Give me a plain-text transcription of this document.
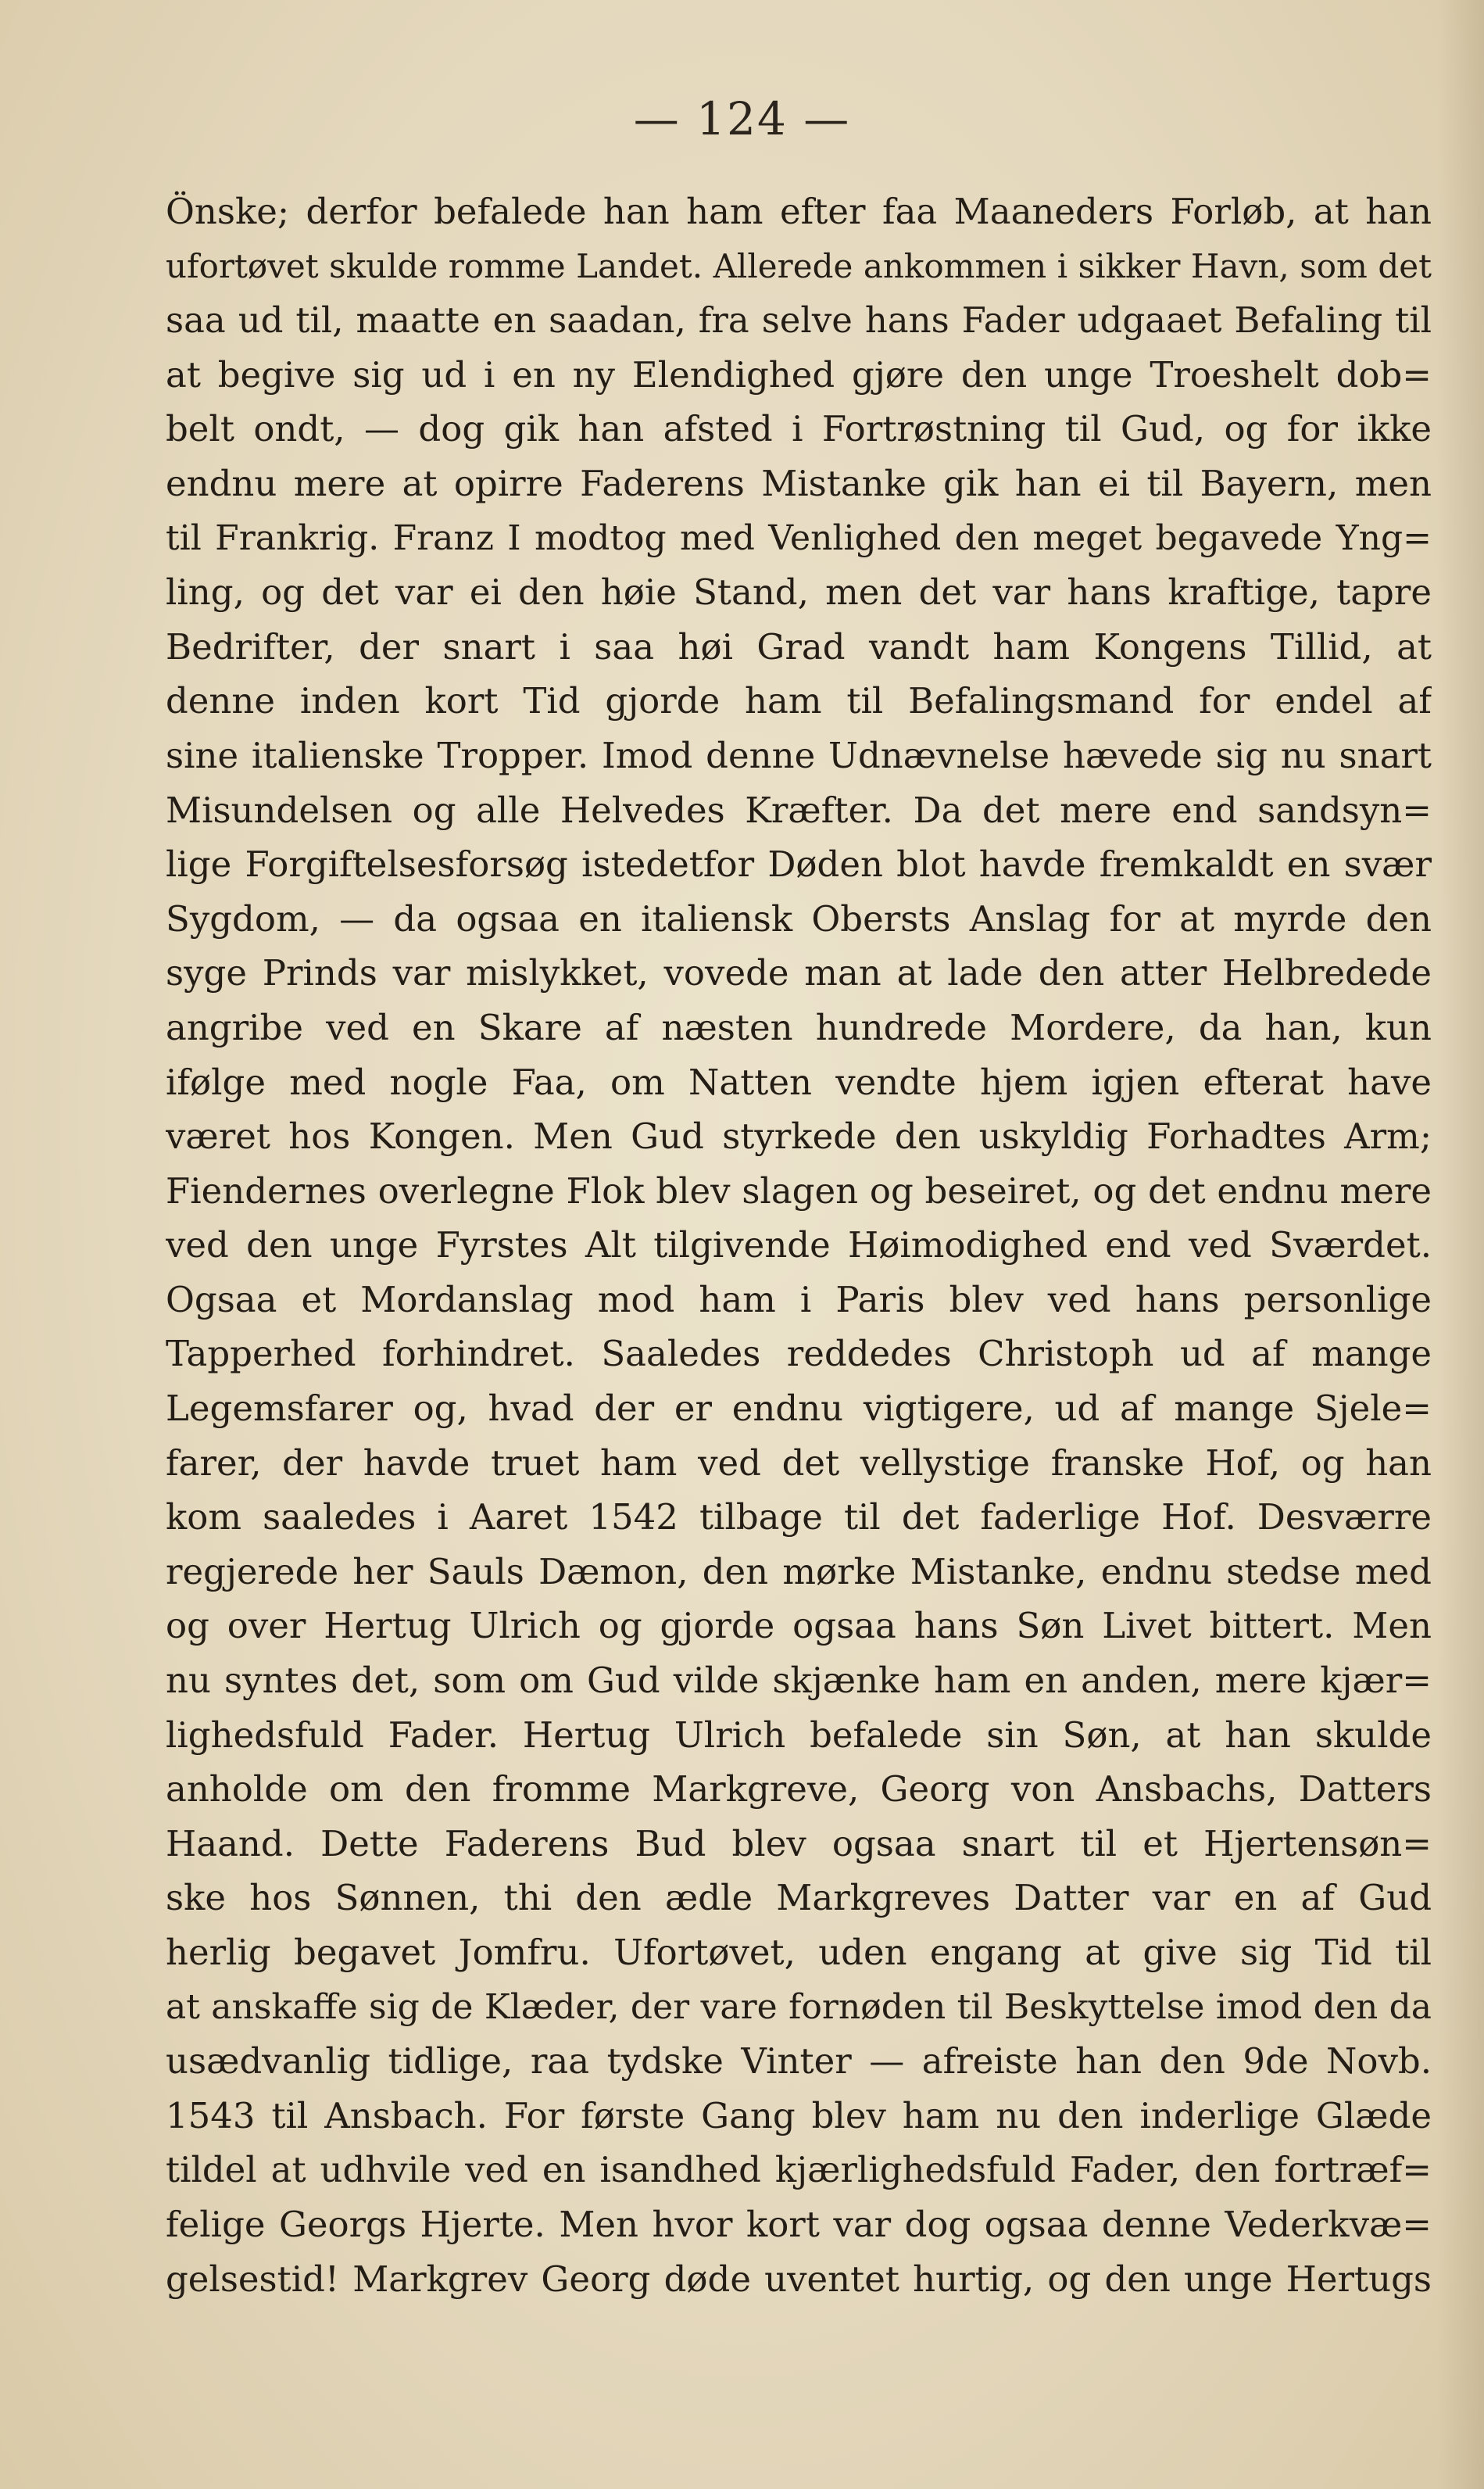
— 124 —
Önske; derfor befalede han ham efter faa Maaneders Forløb, at han
ufortøvet skulde romme Landet. Allerede ankommen i sikker Havn, som det
saa ud til, maatte en saadan, fra selve hans Fader udgaaet Befaling til
at begive sig ud i en ny Elendighed gjøre den unge Troeshelt dob=
belt ondt, — dog gik han afsted i Fortrøstning til Gud, og for ikke
endnu mere at opirre Faderens Mistanke gik han ei til Bayern, men
til Frankrig. Franz I modtog med Venlighed den meget begavede Yng=
ling, og det var ei den høie Stand, men det var hans kraftige, tapre
Bedrifter, der snart i saa høi Grad vandt ham Kongens Tillid, at
denne inden kort Tid gjorde ham til Befalingsmand for endel af
sine italienske Tropper. Imod denne Udnævnelse hævede sig nu snart
Misundelsen og alle Helvedes Kræfter. Da det mere end sandsyn=
lige Forgiftelsesforsøg istedetfor Døden blot havde fremkaldt en svær
Sygdom, — da ogsaa en italiensk Obersts Anslag for at myrde den
syge Prinds var mislykket, vovede man at lade den atter Helbredede
angribe ved en Skare af næsten hundrede Mordere, da han, kun
ifølge med nogle Faa, om Natten vendte hjem igjen efterat have
været hos Kongen. Men Gud styrkede den uskyldig Forhadtes Arm;
Fiendernes overlegne Flok blev slagen og beseiret, og det endnu mere
ved den unge Fyrstes Alt tilgivende Høimodighed end ved Sværdet.
Ogsaa et Mordanslag mod ham i Paris blev ved hans personlige
Tapperhed forhindret. Saaledes reddedes Christoph ud af mange
Legemsfarer og, hvad der er endnu vigtigere, ud af mange Sjele=
farer, der havde truet ham ved det vellystige franske Hof, og han
kom saaledes i Aaret 1542 tilbage til det faderlige Hof. Desværre
regjerede her Sauls Dæmon, den mørke Mistanke, endnu stedse med
og over Hertug Ulrich og gjorde ogsaa hans Søn Livet bittert. Men
nu syntes det, som om Gud vilde skjænke ham en anden, mere kjær=
lighedsfuld Fader. Hertug Ulrich befalede sin Søn, at han skulde
anholde om den fromme Markgreve, Georg von Ansbachs, Datters
Haand. Dette Faderens Bud blev ogsaa snart til et Hjertensøn=
ske hos Sønnen, thi den ædle Markgreves Datter var en af Gud
herlig begavet Jomfru. Ufortøvet, uden engang at give sig Tid til
at anskaffe sig de Klæder, der vare fornøden til Beskyttelse imod den da
usædvanlig tidlige, raa tydske Vinter — afreiste han den 9de Novb.
1543 til Ansbach. For første Gang blev ham nu den inderlige Glæde
tildel at udhvile ved en isandhed kjærlighedsfuld Fader, den fortræf=
felige Georgs Hjerte. Men hvor kort var dog ogsaa denne Vederkvæ=
gelsestid! Markgrev Georg døde uventet hurtig, og den unge Hertugs
